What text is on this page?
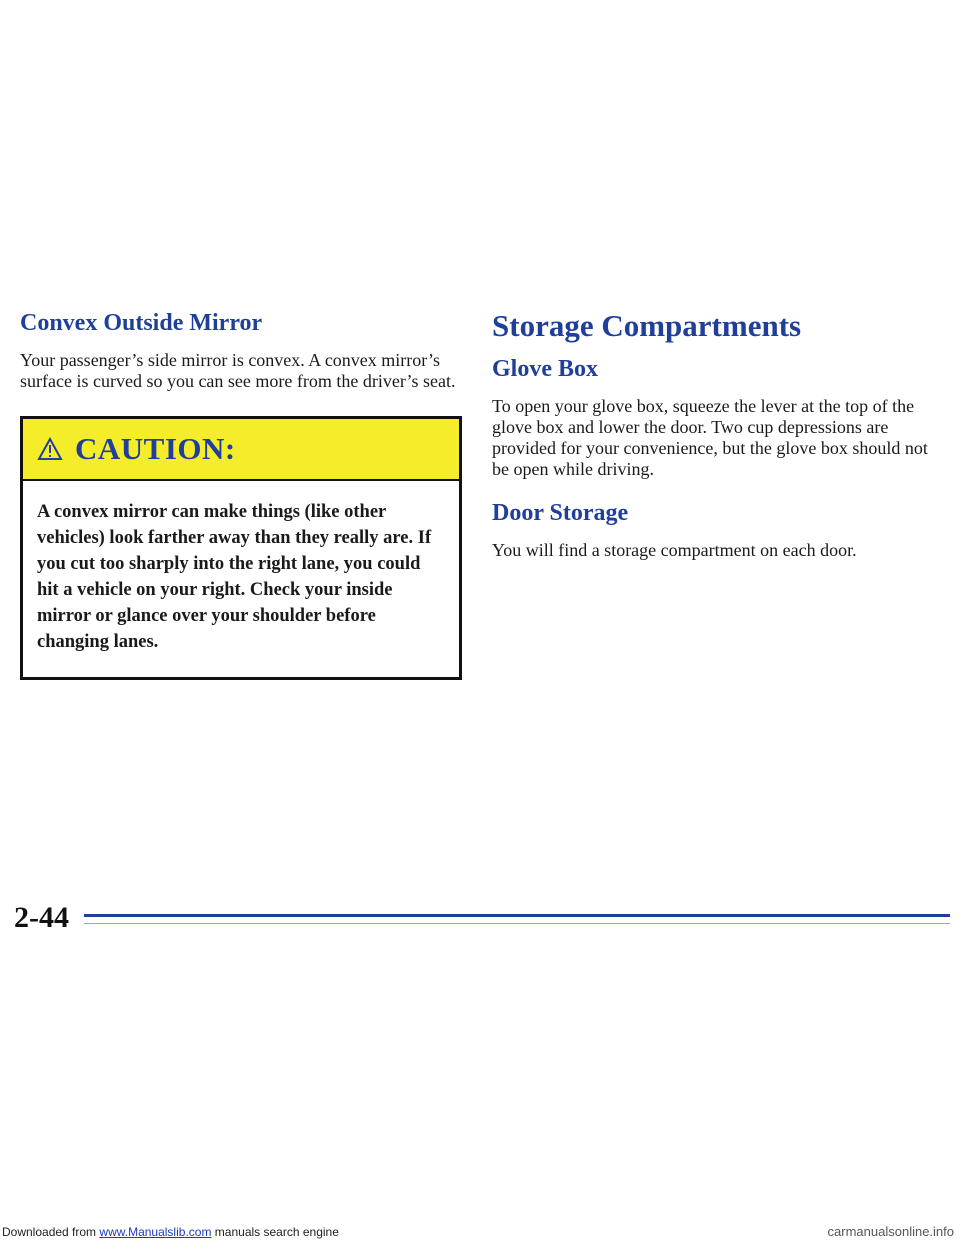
Convex Outside Mirror

Your passenger’s side mirror is convex. A convex mirror’s surface is curved so you can see more from the driver’s seat.

CAUTION:
A convex mirror can make things (like other vehicles) look farther away than they really are. If you cut too sharply into the right lane, you could hit a vehicle on your right. Check your inside mirror or glance over your shoulder before changing lanes.
Storage Compartments
Glove Box

To open your glove box, squeeze the lever at the top of the glove box and lower the door. Two cup depressions are provided for your convenience, but the glove box should not be open while driving.

Door Storage

You will find a storage compartment on each door.

2-44
Downloaded from www.Manualslib.com manuals search engine	carmanualsonline.info
